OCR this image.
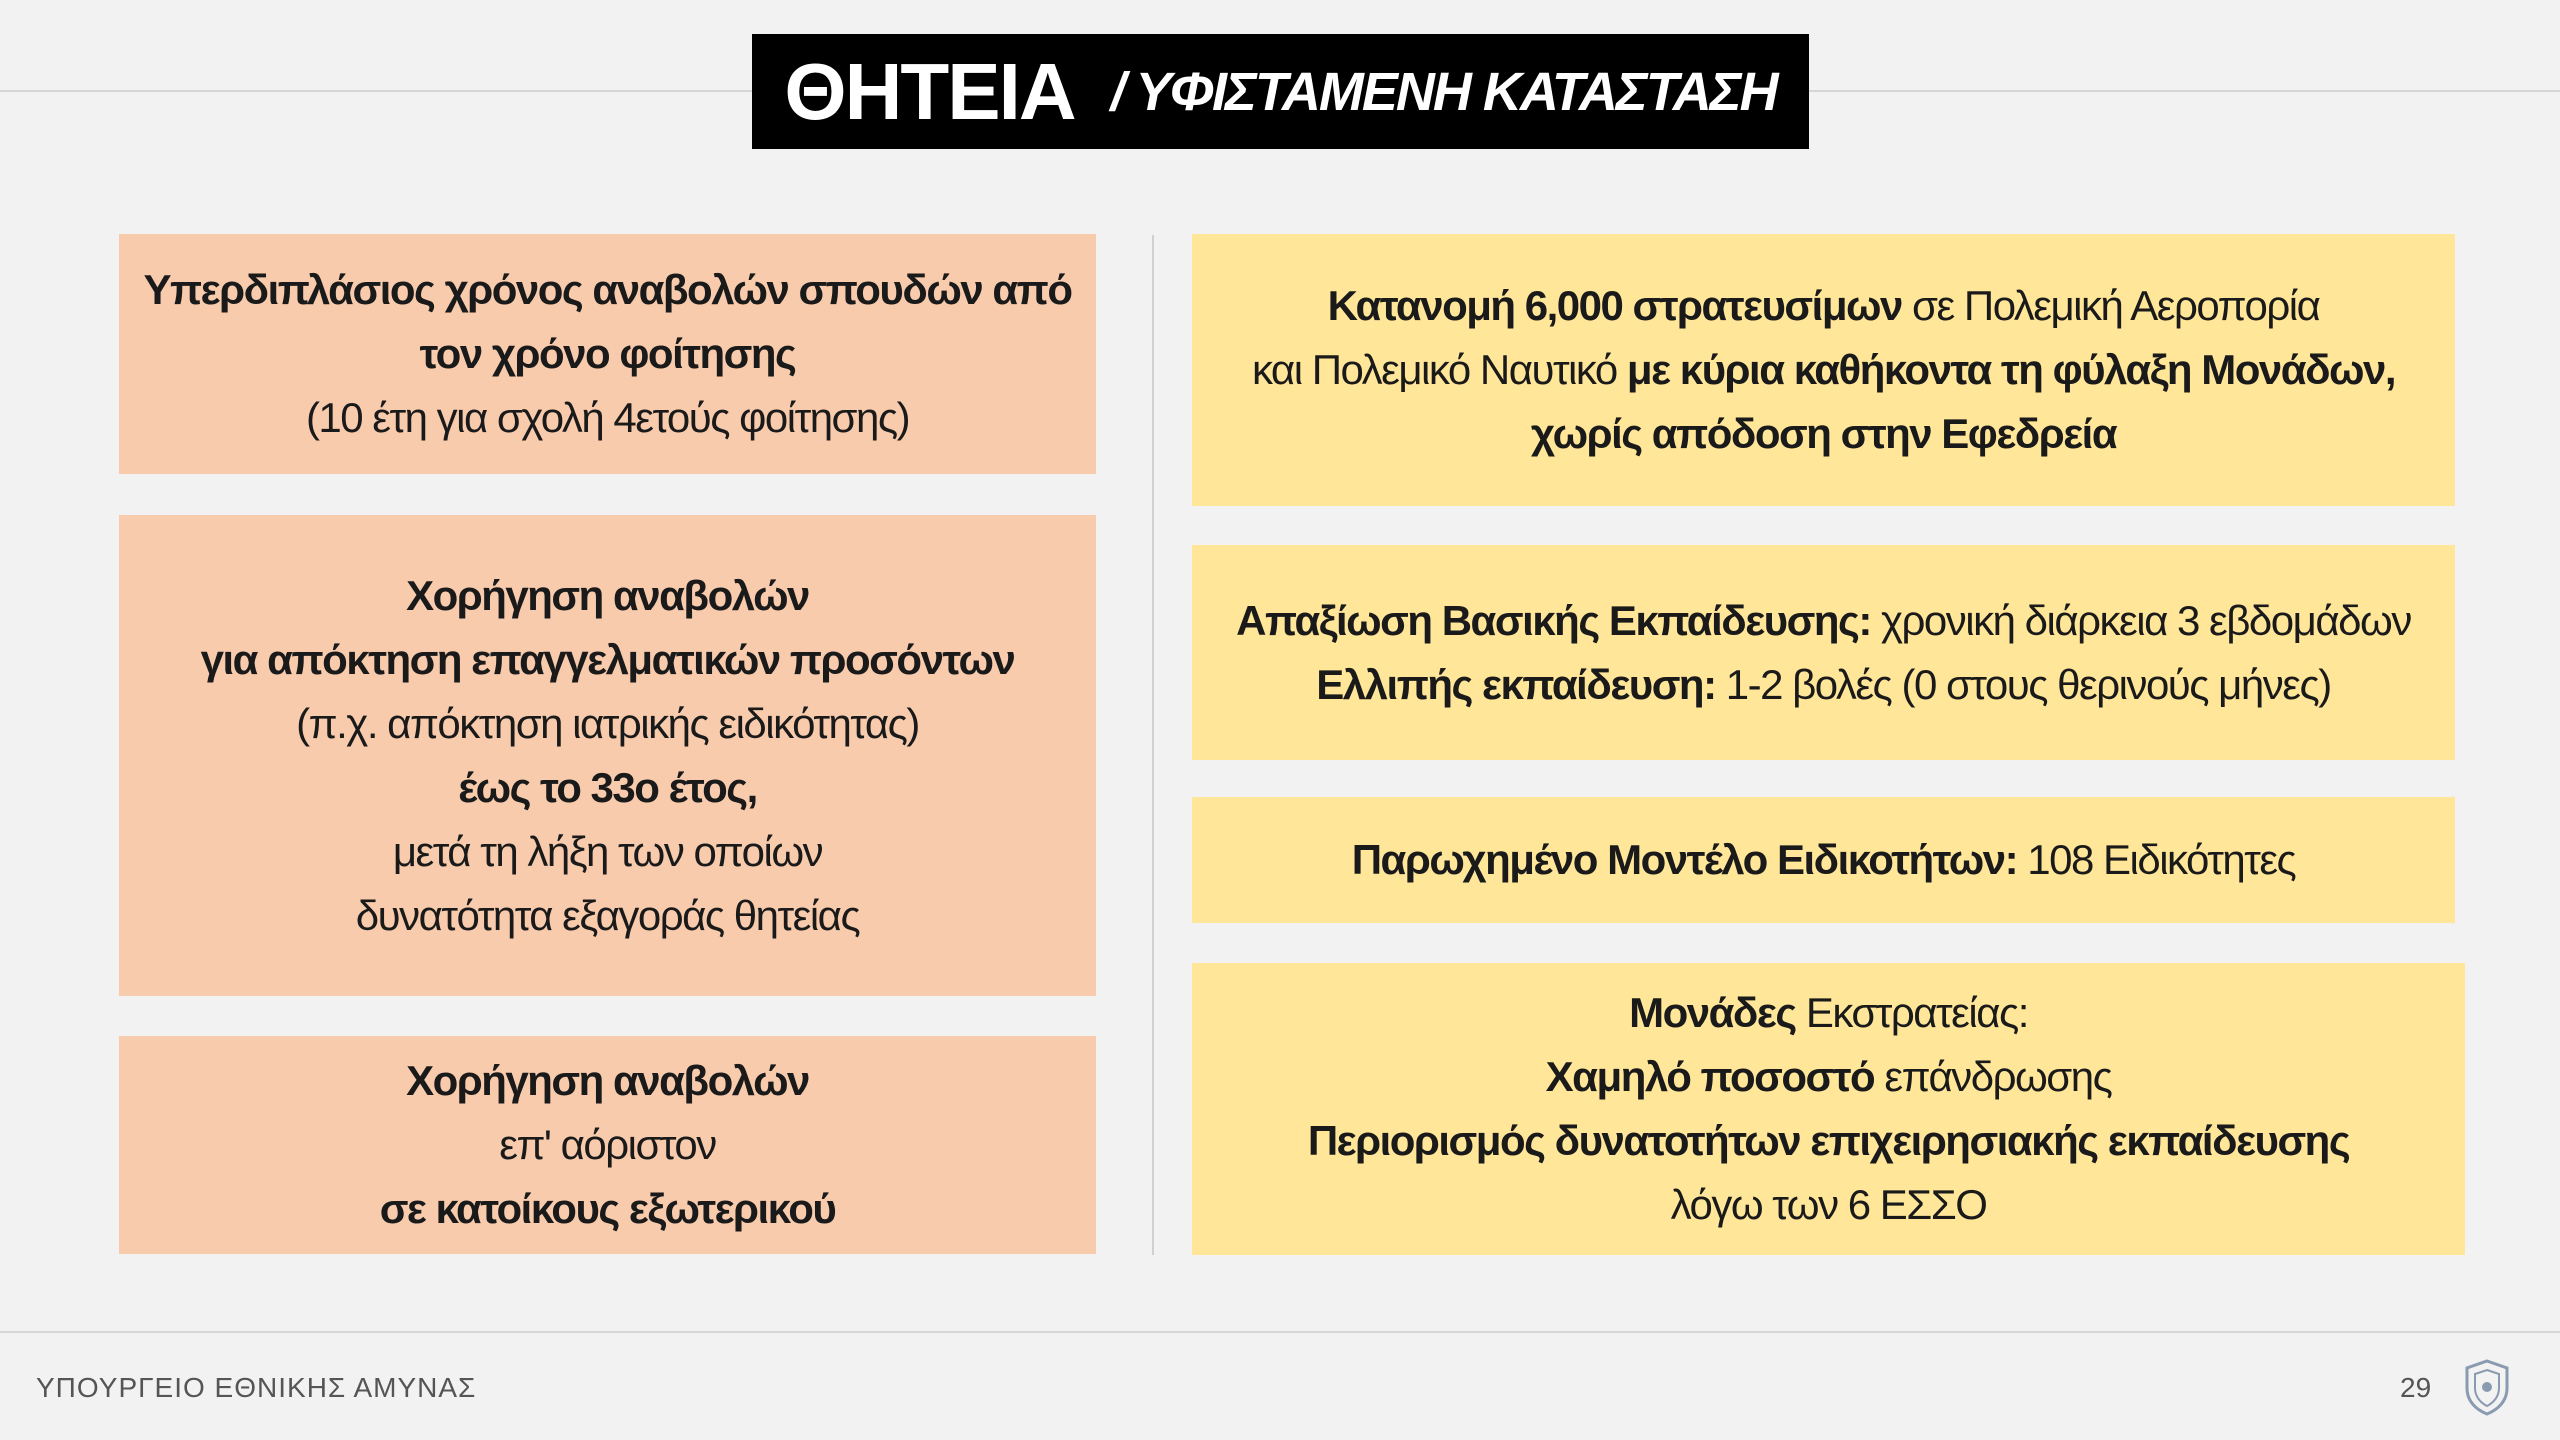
ΘΗΤΕΙΑ / ΥΦΙΣΤΑΜΕΝΗ ΚΑΤΑΣΤΑΣΗ
Υπερδιπλάσιος χρόνος αναβολών σπουδών από
τον χρόνο φοίτησης
(10 έτη για σχολή 4ετούς φοίτησης)
Χορήγηση αναβολών
για απόκτηση επαγγελματικών προσόντων
(π.χ. απόκτηση ιατρικής ειδικότητας)
έως το 33ο έτος,
μετά τη λήξη των οποίων
δυνατότητα εξαγοράς θητείας
Χορήγηση αναβολών
επ' αόριστον
σε κατοίκους εξωτερικού
Κατανομή 6,000 στρατευσίμων σε Πολεμική Αεροπορία
και Πολεμικό Ναυτικό με κύρια καθήκοντα τη φύλαξη Μονάδων,
χωρίς απόδοση στην Εφεδρεία
Απαξίωση Βασικής Εκπαίδευσης: χρονική διάρκεια 3 εβδομάδων
Ελλιπής εκπαίδευση: 1-2 βολές (0 στους θερινούς μήνες)
Παρωχημένο Μοντέλο Ειδικοτήτων: 108 Ειδικότητες
Μονάδες Εκστρατείας:
Χαμηλό ποσοστό επάνδρωσης
Περιορισμός δυνατοτήτων επιχειρησιακής εκπαίδευσης
λόγω των 6 ΕΣΣΟ
ΥΠΟΥΡΓΕΙΟ ΕΘΝΙΚΗΣ ΑΜΥΝΑΣ	29
